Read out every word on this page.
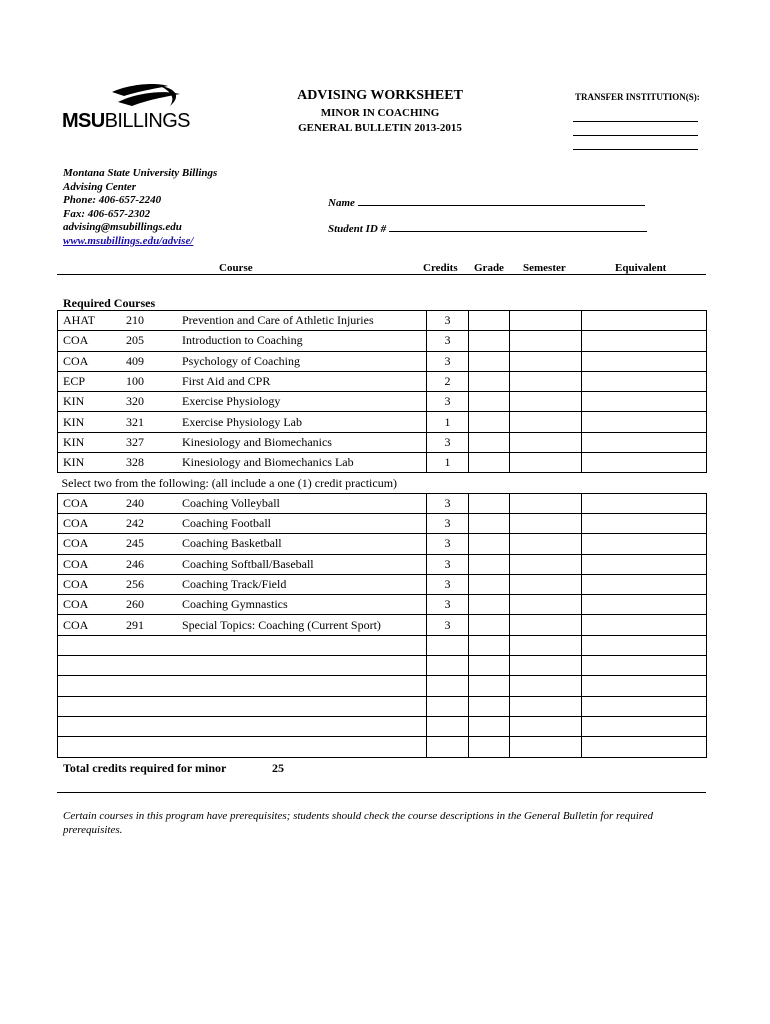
MSUBILLINGS
ADVISING WORKSHEET
MINOR IN COACHING
GENERAL BULLETIN 2013-2015
TRANSFER INSTITUTION(S):
Montana State University Billings
Advising Center
Phone: 406-657-2240
Fax: 406-657-2302
advising@msubillings.edu
www.msubillings.edu/advise/
Name
Student ID #
Course	Credits Grade Semester	Equivalent
Required Courses
AHAT	210	Prevention and Care of Athletic Injuries	3			
COA	205	Introduction to Coaching	3			
COA	409	Psychology of Coaching	3			
ECP	100	First Aid and CPR	2			
KIN	320	Exercise Physiology	3			
KIN	321	Exercise Physiology Lab	1			
KIN	327	Kinesiology and Biomechanics	3			
KIN	328	Kinesiology and Biomechanics Lab	1			
Select two from the following: (all include a one (1) credit practicum)						
COA	240	Coaching Volleyball	3			
COA	242	Coaching Football	3			
COA	245	Coaching Basketball	3			
COA	246	Coaching Softball/Baseball	3			
COA	256	Coaching Track/Field	3			
COA	260	Coaching Gymnastics	3			
COA	291	Special Topics: Coaching (Current Sport)	3			

Total credits required for minor	25
Certain courses in this program have prerequisites; students should check the course descriptions in the General Bulletin for required prerequisites.
